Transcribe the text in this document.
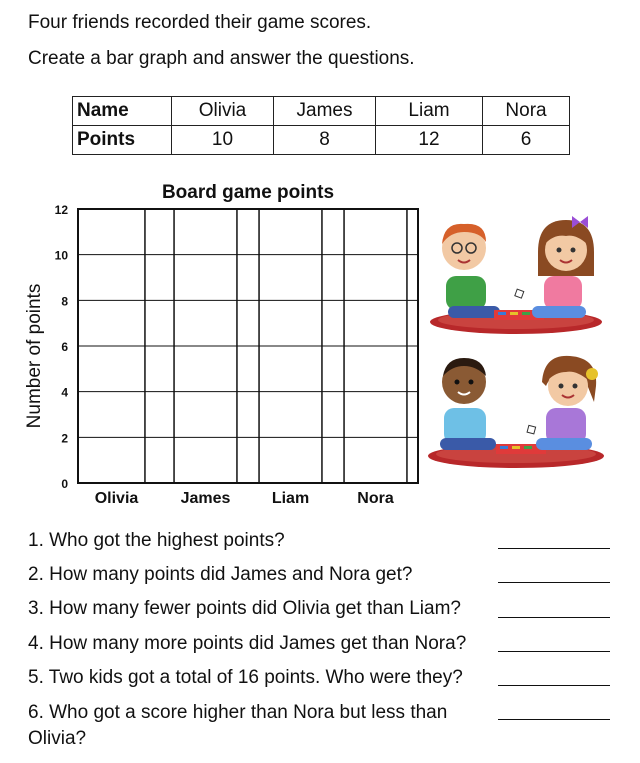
Four friends recorded their game scores.

Create a bar graph and answer the questions.

Name	Olivia	James	Liam	Nora
Points	10	8	12	6

Board game points

Number of points
0
2
4
6
8
10
12
Olivia	James	Liam	Nora
1. Who got the highest points?
2. How many points did James and Nora get?
3. How many fewer points did Olivia get than Liam?
4. How many more points did James get than Nora?
5. Two kids got a total of 16 points. Who were they?
6. Who got a score higher than Nora but less than Olivia?
